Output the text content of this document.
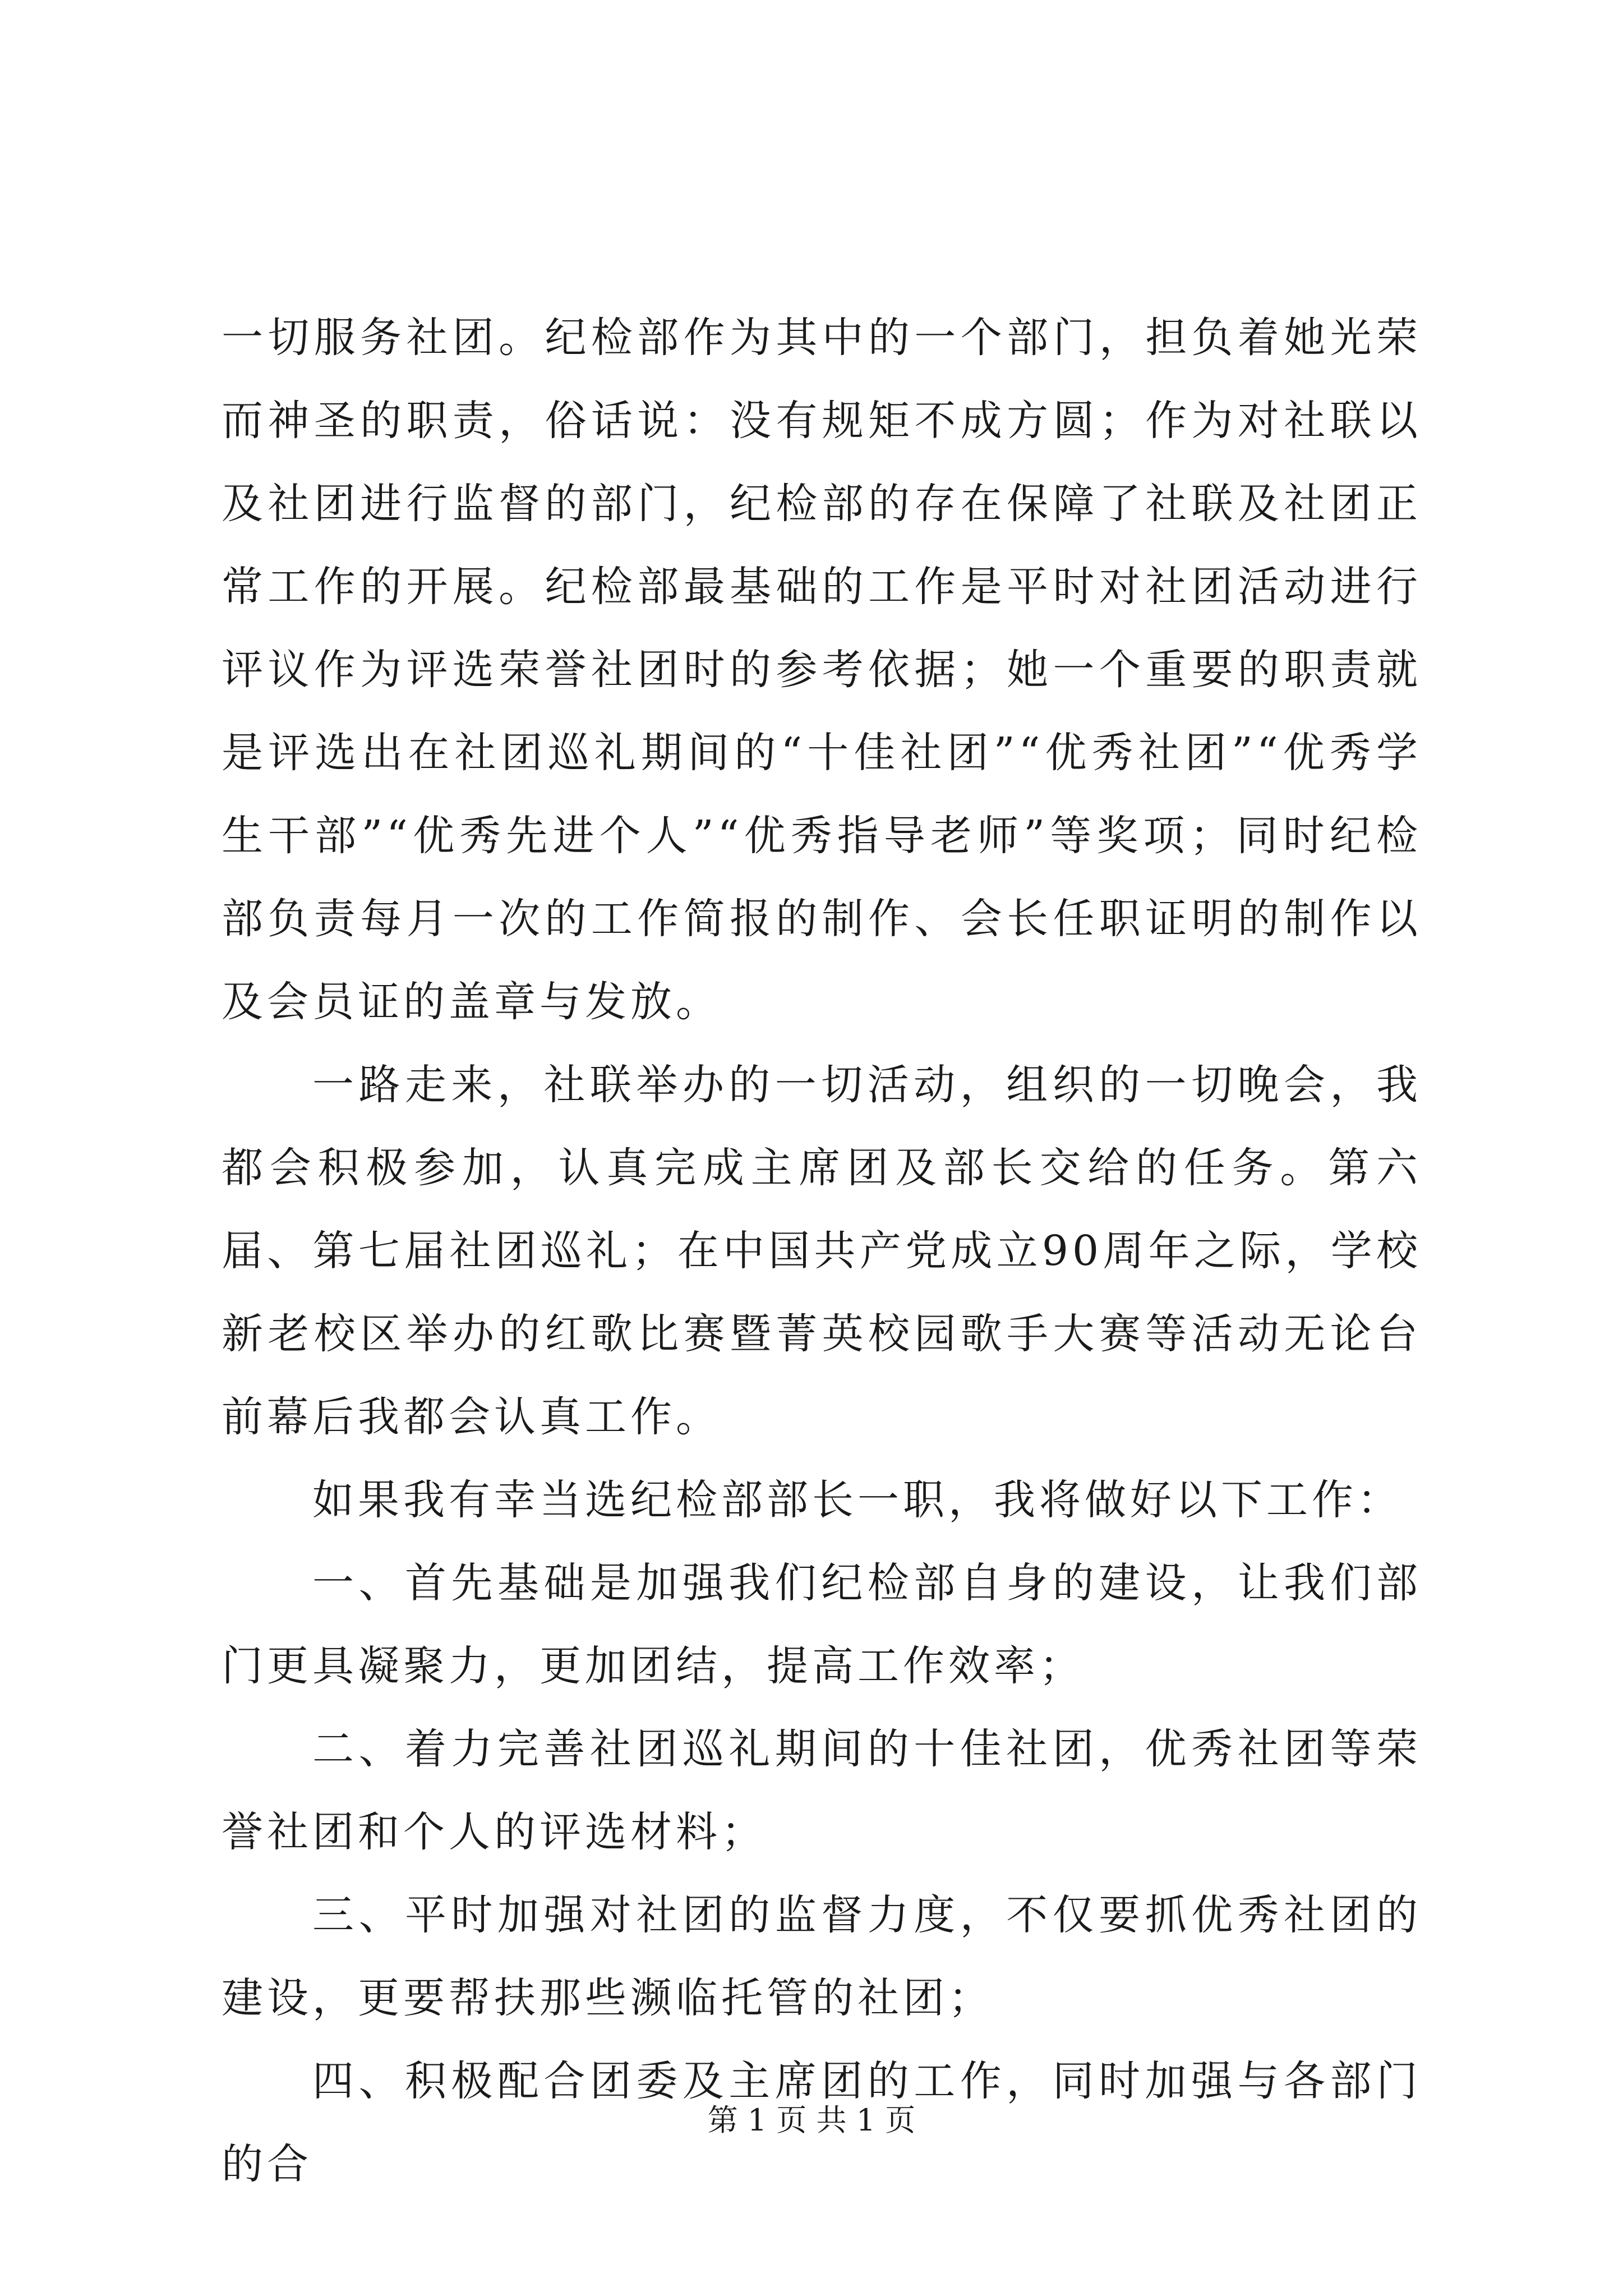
一切服务社团。纪检部作为其中的一个部门，担负着她光荣而神圣的职责，俗话说：没有规矩不成方圆；作为对社联以及社团进行监督的部门，纪检部的存在保障了社联及社团正常工作的开展。纪检部最基础的工作是平时对社团活动进行评议作为评选荣誉社团时的参考依据；她一个重要的职责就是评选出在社团巡礼期间的“十佳社团”“优秀社团”“优秀学生干部”“优秀先进个人”“优秀指导老师”等奖项；同时纪检部负责每月一次的工作简报的制作、会长任职证明的制作以及会员证的盖章与发放。

一路走来，社联举办的一切活动，组织的一切晚会，我都会积极参加，认真完成主席团及部长交给的任务。第六届、第七届社团巡礼；在中国共产党成立90周年之际，学校新老校区举办的红歌比赛暨菁英校园歌手大赛等活动无论台前幕后我都会认真工作。

如果我有幸当选纪检部部长一职，我将做好以下工作：

一、首先基础是加强我们纪检部自身的建设，让我们部门更具凝聚力，更加团结，提高工作效率；

二、着力完善社团巡礼期间的十佳社团，优秀社团等荣誉社团和个人的评选材料；

三、平时加强对社团的监督力度，不仅要抓优秀社团的建设，更要帮扶那些濒临托管的社团；

四、积极配合团委及主席团的工作，同时加强与各部门的合

第 1 页 共 1 页
